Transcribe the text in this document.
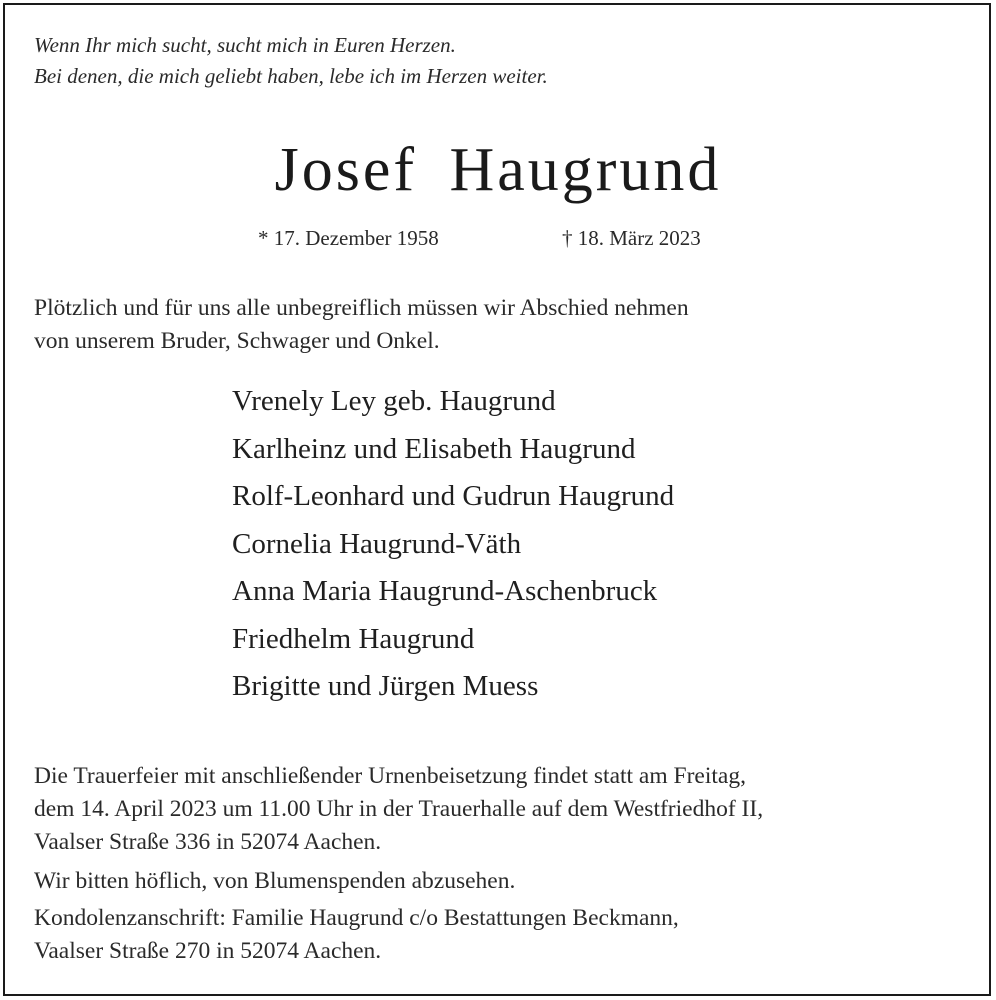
Wenn Ihr mich sucht, sucht mich in Euren Herzen.
Bei denen, die mich geliebt haben, lebe ich im Herzen weiter.
Josef Haugrund
* 17. Dezember 1958	† 18. März 2023
Plötzlich und für uns alle unbegreiflich müssen wir Abschied nehmen
von unserem Bruder, Schwager und Onkel.
Vrenely Ley geb. Haugrund
Karlheinz und Elisabeth Haugrund
Rolf-Leonhard und Gudrun Haugrund
Cornelia Haugrund-Väth
Anna Maria Haugrund-Aschenbruck
Friedhelm Haugrund
Brigitte und Jürgen Muess
Die Trauerfeier mit anschließender Urnenbeisetzung findet statt am Freitag,
dem 14. April 2023 um 11.00 Uhr in der Trauerhalle auf dem Westfriedhof II,
Vaalser Straße 336 in 52074 Aachen.
Wir bitten höflich, von Blumenspenden abzusehen.
Kondolenzanschrift: Familie Haugrund c/o Bestattungen Beckmann,
Vaalser Straße 270 in 52074 Aachen.
